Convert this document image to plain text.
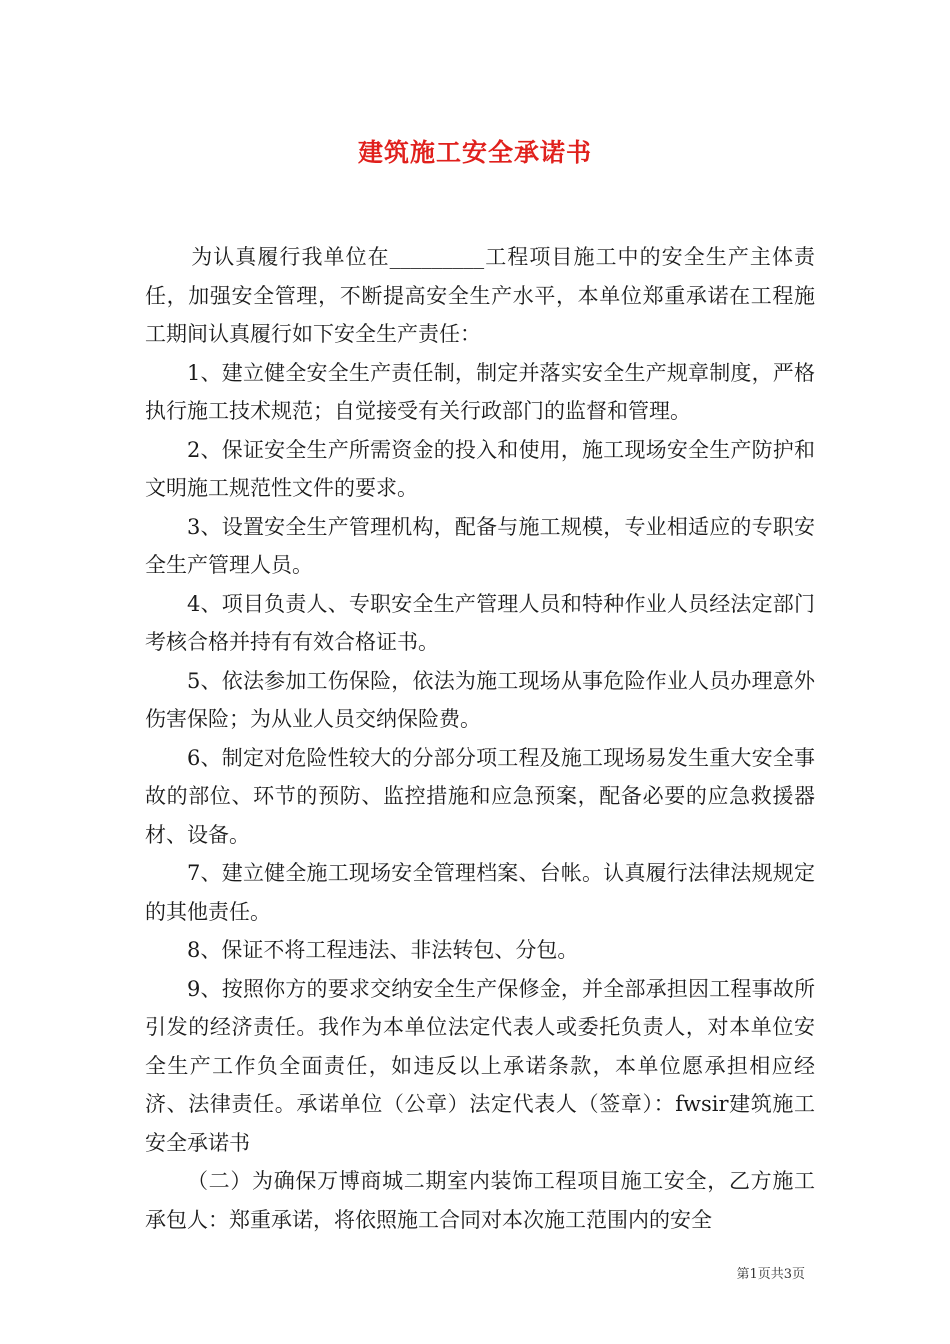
建筑施工安全承诺书

为认真履行我单位在_________工程项目施工中的安全生产主体责任，加强安全管理，不断提高安全生产水平，本单位郑重承诺在工程施工期间认真履行如下安全生产责任：

1、建立健全安全生产责任制，制定并落实安全生产规章制度，严格执行施工技术规范；自觉接受有关行政部门的监督和管理。

2、保证安全生产所需资金的投入和使用，施工现场安全生产防护和文明施工规范性文件的要求。

3、设置安全生产管理机构，配备与施工规模，专业相适应的专职安全生产管理人员。

4、项目负责人、专职安全生产管理人员和特种作业人员经法定部门考核合格并持有有效合格证书。

5、依法参加工伤保险，依法为施工现场从事危险作业人员办理意外伤害保险；为从业人员交纳保险费。

6、制定对危险性较大的分部分项工程及施工现场易发生重大安全事故的部位、环节的预防、监控措施和应急预案，配备必要的应急救援器材、设备。

7、建立健全施工现场安全管理档案、台帐。认真履行法律法规规定的其他责任。

8、保证不将工程违法、非法转包、分包。

9、按照你方的要求交纳安全生产保修金，并全部承担因工程事故所引发的经济责任。我作为本单位法定代表人或委托负责人，对本单位安全生产工作负全面责任，如违反以上承诺条款，本单位愿承担相应经济、法律责任。承诺单位（公章）法定代表人（签章）：fwsir建筑施工安全承诺书

（二）为确保万博商城二期室内装饰工程项目施工安全，乙方施工承包人：郑重承诺，将依照施工合同对本次施工范围内的安全

第1页共3页
